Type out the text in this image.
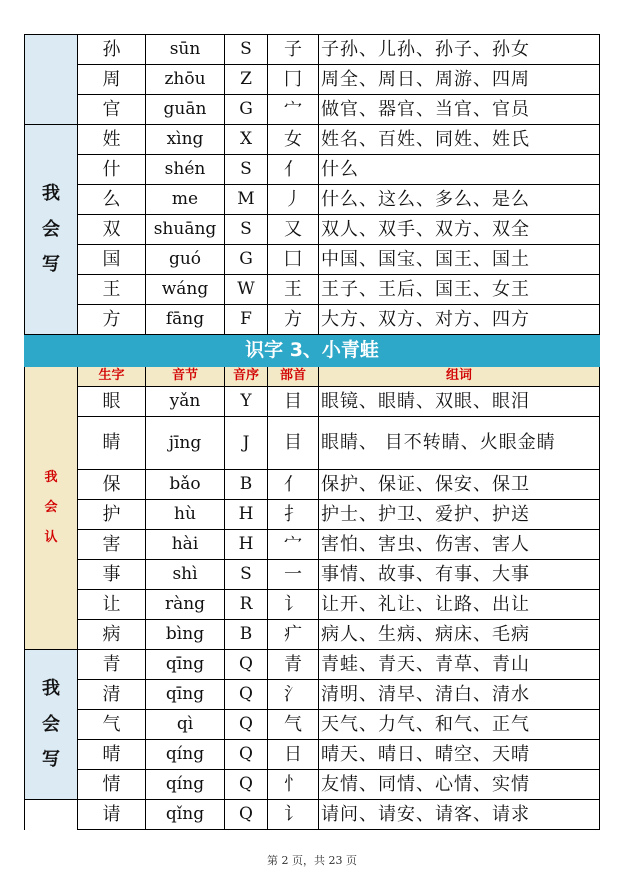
	孙	sūn	S	子	子孙、儿孙、孙子、孙女
	周	zhōu	Z	冂	周全、周日、周游、四周
	官	guān	G	宀	做官、器官、当官、官员

我
会
写	姓	xìng	X	女	姓名、百姓、同姓、姓氏
	什	shén	S	亻	什么
	么	me	M	丿	什么、这么、多么、是么
	双	shuāng	S	又	双人、双手、双方、双全
	国	guó	G	囗	中国、国宝、国王、国土
	王	wáng	W	王	王子、王后、国王、女王
	方	fāng	F	方	大方、双方、对方、四方
识字 3、小青蛙					

我
会
认	生字	音节	音序	部首	组词
	眼	yǎn	Y	目	眼镜、眼睛、双眼、眼泪
	睛	jīng	J	目	眼睛、 目不转睛、火眼金睛
	保	bǎo	B	亻	保护、保证、保安、保卫
	护	hù	H	扌	护士、护卫、爱护、护送
	害	hài	H	宀	害怕、害虫、伤害、害人
	事	shì	S	一	事情、故事、有事、大事
	让	ràng	R	讠	让开、礼让、让路、出让
	病	bìng	B	疒	病人、生病、病床、毛病

我
会
写	青	qīng	Q	青	青蛙、青天、青草、青山
	清	qīng	Q	氵	清明、清早、清白、清水
	气	qì	Q	气	天气、力气、和气、正气
	晴	qíng	Q	日	晴天、晴日、晴空、天晴
	情	qíng	Q	忄	友情、同情、心情、实情
	请	qǐng	Q	讠	请问、请安、请客、请求
第 2 页，共 23 页
